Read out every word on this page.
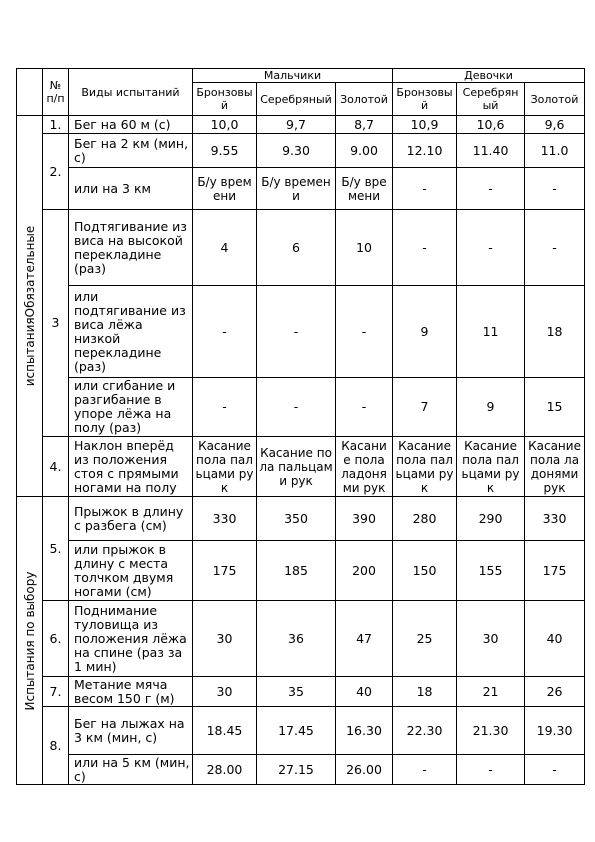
	№ п/п	Виды испытаний	Мальчики			Девочки		
			Бронзовый	Серебряный	Золотой	Бронзовый	Серебряный	Золотой

испытанияОбязательные	1.	Бег на 60 м (с)	10,0	9,7	8,7	10,9	10,6	9,6
	2.	Бег на 2 км (мин, с)	9.55	9.30	9.00	12.10	11.40	11.0
		или на 3 км	Б/у времени	Б/у времени	Б/у времени	-	-	-
	3	Подтягивание из виса на высокой перекладине (раз)	4	6	10	-	-	-
		или подтягивание из виса лёжа низкой перекладине (раз)	-	-	-	9	11	18
		или сгибание и разгибание в упоре лёжа на полу (раз)	-	-	-	7	9	15
	4.	Наклон вперёд из положения стоя с прямыми ногами на полу	Касание пола пальцами рук	Касание пола пальцами рук	Касание пола ладонями рук	Касание пола пальцами рук	Касание пола пальцами рук	Касание пола ладонями рук

Испытания по выбору	5.	Прыжок в длину с разбега (см)	330	350	390	280	290	330
		или прыжок в длину с места толчком двумя ногами (см)	175	185	200	150	155	175
	6.	Поднимание туловища из положения лёжа на спине (раз за 1 мин)	30	36	47	25	30	40
	7.	Метание мяча весом 150 г (м)	30	35	40	18	21	26
	8.	Бег на лыжах на 3 км (мин, с)	18.45	17.45	16.30	22.30	21.30	19.30
		или на 5 км (мин, с)	28.00	27.15	26.00	-	-	-
